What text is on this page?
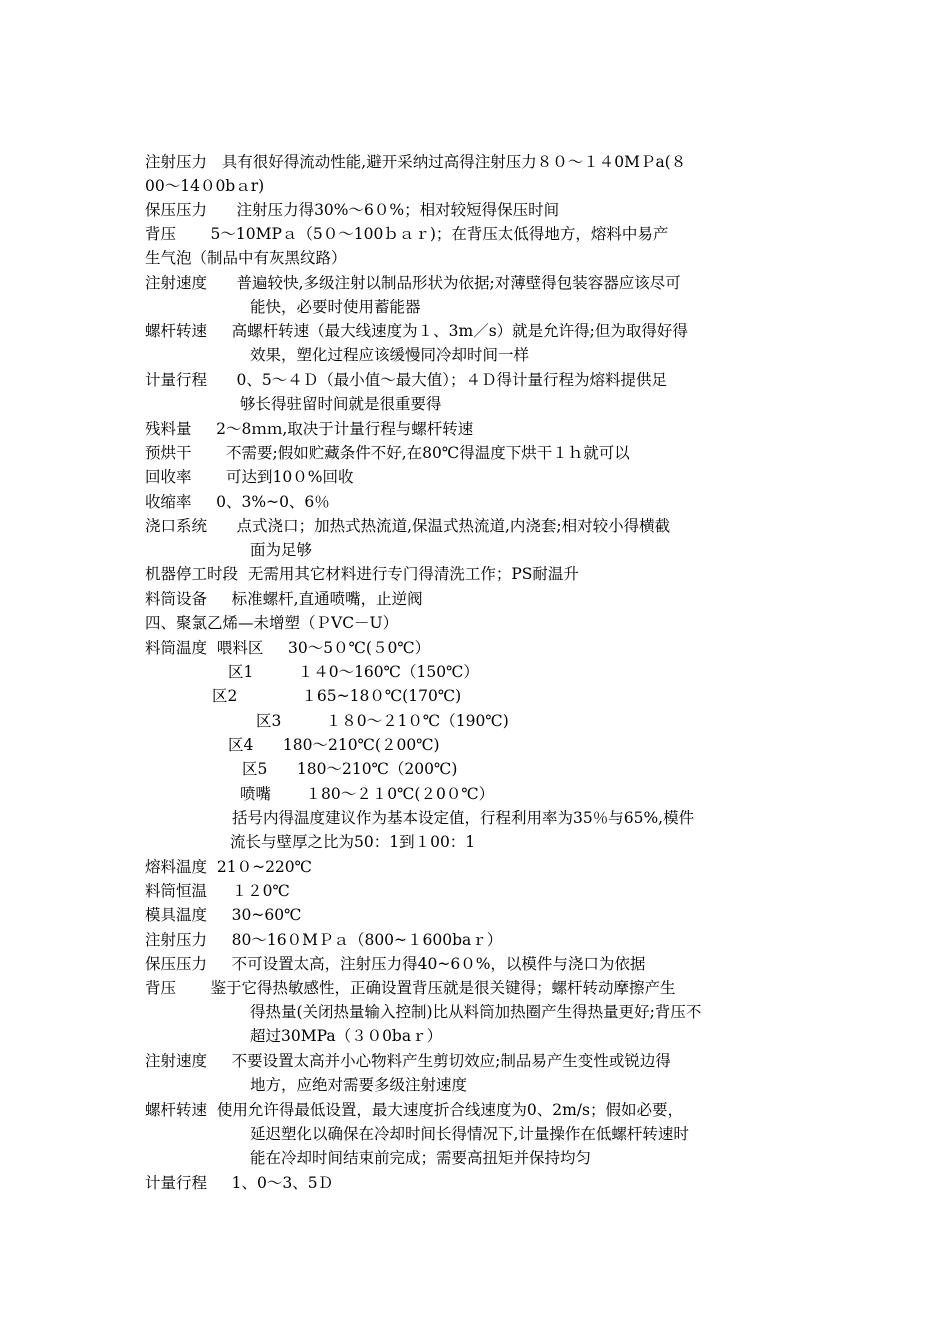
注射压力   具有很好得流动性能,避开采纳过高得注射压力８０～１４0MＰa(８
00～14０0bａr)
保压压力      注射压力得30%～6０%；相对较短得保压时间
背压       5～10MPａ（5０～100ｂａｒ)；在背压太低得地方，熔料中易产
生气泡（制品中有灰黑纹路）
注射速度      普遍较快,多级注射以制品形状为依据;对薄壁得包装容器应该尽可
能快，必要时使用蓄能器
螺杆转速     高螺杆转速（最大线速度为１、3m／s）就是允许得;但为取得好得
效果，塑化过程应该缓慢同冷却时间一样
计量行程      0、5～４Ｄ（最小值～最大值）；４Ｄ得计量行程为熔料提供足
够长得驻留时间就是很重要得
残料量     2～8ｍｍ,取决于计量行程与螺杆转速
预烘干       不需要;假如贮藏条件不好,在80℃得温度下烘干１ｈ就可以
回收率       可达到10０%回收
收缩率     0、3%~0、6％
浇口系统      点式浇口；加热式热流道,保温式热流道,内浇套;相对较小得横截
面为足够
机器停工时段  无需用其它材料进行专门得清洗工作；PS耐温升
料筒设备     标准螺杆,直通喷嘴，止逆阀
四、聚氯乙烯—未增塑（ＰVC－U）
料筒温度  喂料区     30～5０℃(５0℃）
区1         １４0～160℃（150℃）
区2             １65~18０℃(170℃)
区3         １８0～２1０℃（190℃)
区4      180～210℃(２00℃)
区5      180～210℃（200℃)
喷嘴       １80～２１0℃(２0０℃）
括号内得温度建议作为基本设定值，行程利用率为35％与65%,模件
流长与壁厚之比为50：1到１00：1
熔料温度  21０~220℃
料筒恒温     １２0℃
模具温度     30~60℃
注射压力     80～16０MＰａ（800~１600baｒ）
保压压力     不可设置太高，注射压力得40~6０%，以模件与浇口为依据
背压       鉴于它得热敏感性，正确设置背压就是很关键得；螺杆转动摩擦产生
得热量(关闭热量输入控制)比从料筒加热圈产生得热量更好;背压不
超过30MPa（３０0baｒ）
注射速度     不要设置太高并小心物料产生剪切效应;制品易产生变性或锐边得
地方，应绝对需要多级注射速度
螺杆转速  使用允许得最低设置，最大速度折合线速度为0、2m/s；假如必要，
延迟塑化以确保在冷却时间长得情况下,计量操作在低螺杆转速时
能在冷却时间结束前完成；需要高扭矩并保持均匀
计量行程     1、0～3、5Ｄ
